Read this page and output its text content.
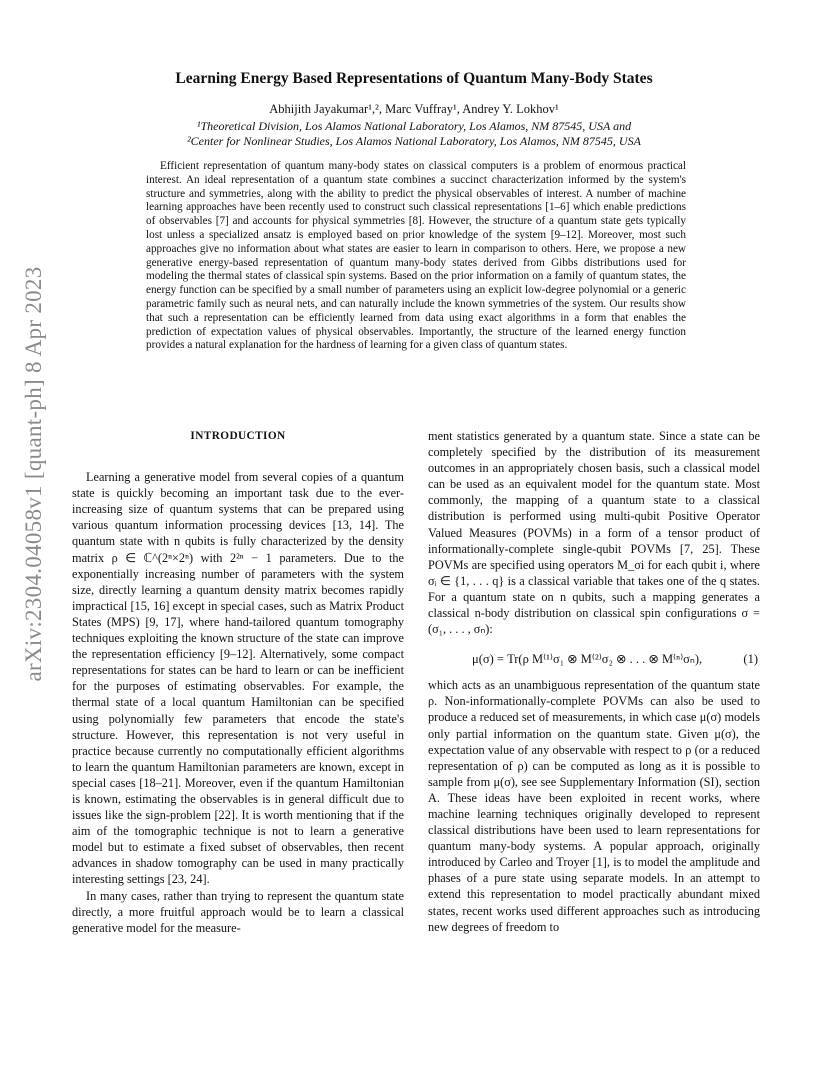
arXiv:2304.04058v1 [quant-ph] 8 Apr 2023
Learning Energy Based Representations of Quantum Many-Body States
Abhijith Jayakumar¹,², Marc Vuffray¹, Andrey Y. Lokhov¹
¹Theoretical Division, Los Alamos National Laboratory, Los Alamos, NM 87545, USA and
²Center for Nonlinear Studies, Los Alamos National Laboratory, Los Alamos, NM 87545, USA
Efficient representation of quantum many-body states on classical computers is a problem of enormous practical interest. An ideal representation of a quantum state combines a succinct characterization informed by the system's structure and symmetries, along with the ability to predict the physical observables of interest. A number of machine learning approaches have been recently used to construct such classical representations [1–6] which enable predictions of observables [7] and accounts for physical symmetries [8]. However, the structure of a quantum state gets typically lost unless a specialized ansatz is employed based on prior knowledge of the system [9–12]. Moreover, most such approaches give no information about what states are easier to learn in comparison to others. Here, we propose a new generative energy-based representation of quantum many-body states derived from Gibbs distributions used for modeling the thermal states of classical spin systems. Based on the prior information on a family of quantum states, the energy function can be specified by a small number of parameters using an explicit low-degree polynomial or a generic parametric family such as neural nets, and can naturally include the known symmetries of the system. Our results show that such a representation can be efficiently learned from data using exact algorithms in a form that enables the prediction of expectation values of physical observables. Importantly, the structure of the learned energy function provides a natural explanation for the hardness of learning for a given class of quantum states.
INTRODUCTION

Learning a generative model from several copies of a quantum state is quickly becoming an important task due to the ever-increasing size of quantum systems that can be prepared using various quantum information processing devices [13, 14]. The quantum state with n qubits is fully characterized by the density matrix ρ ∈ ℂ^(2ⁿ×2ⁿ) with 2²ⁿ − 1 parameters. Due to the exponentially increasing number of parameters with the system size, directly learning a quantum density matrix becomes rapidly impractical [15, 16] except in special cases, such as Matrix Product States (MPS) [9, 17], where hand-tailored quantum tomography techniques exploiting the known structure of the state can improve the representation efficiency [9–12]. Alternatively, some compact representations for states can be hard to learn or can be inefficient for the purposes of estimating observables. For example, the thermal state of a local quantum Hamiltonian can be specified using polynomially few parameters that encode the state's structure. However, this representation is not very useful in practice because currently no computationally efficient algorithms to learn the quantum Hamiltonian parameters are known, except in special cases [18–21]. Moreover, even if the quantum Hamiltonian is known, estimating the observables is in general difficult due to issues like the sign-problem [22]. It is worth mentioning that if the aim of the tomographic technique is not to learn a generative model but to estimate a fixed subset of observables, then recent advances in shadow tomography can be used in many practically interesting settings [23, 24].

In many cases, rather than trying to represent the quantum state directly, a more fruitful approach would be to learn a classical generative model for the measure-

ment statistics generated by a quantum state. Since a state can be completely specified by the distribution of its measurement outcomes in an appropriately chosen basis, such a classical model can be used as an equivalent model for the quantum state. Most commonly, the mapping of a quantum state to a classical distribution is performed using multi-qubit Positive Operator Valued Measures (POVMs) in a form of a tensor product of informationally-complete single-qubit POVMs [7, 25]. These POVMs are specified using operators M_σi for each qubit i, where σᵢ ∈ {1, . . . q} is a classical variable that takes one of the q states. For a quantum state on n qubits, such a mapping generates a classical n-body distribution on classical spin configurations σ = (σ₁, . . . , σₙ):

μ(σ) = Tr(ρ M⁽¹⁾σ₁ ⊗ M⁽²⁾σ₂ ⊗ . . . ⊗ M⁽ⁿ⁾σₙ),	(1)

which acts as an unambiguous representation of the quantum state ρ. Non-informationally-complete POVMs can also be used to produce a reduced set of measurements, in which case μ(σ) models only partial information on the quantum state. Given μ(σ), the expectation value of any observable with respect to ρ (or a reduced representation of ρ) can be computed as long as it is possible to sample from μ(σ), see see Supplementary Information (SI), section A. These ideas have been exploited in recent works, where machine learning techniques originally developed to represent classical distributions have been used to learn representations for quantum many-body systems. A popular approach, originally introduced by Carleo and Troyer [1], is to model the amplitude and phases of a pure state using separate models. In an attempt to extend this representation to model practically abundant mixed states, recent works used different approaches such as introducing new degrees of freedom to
